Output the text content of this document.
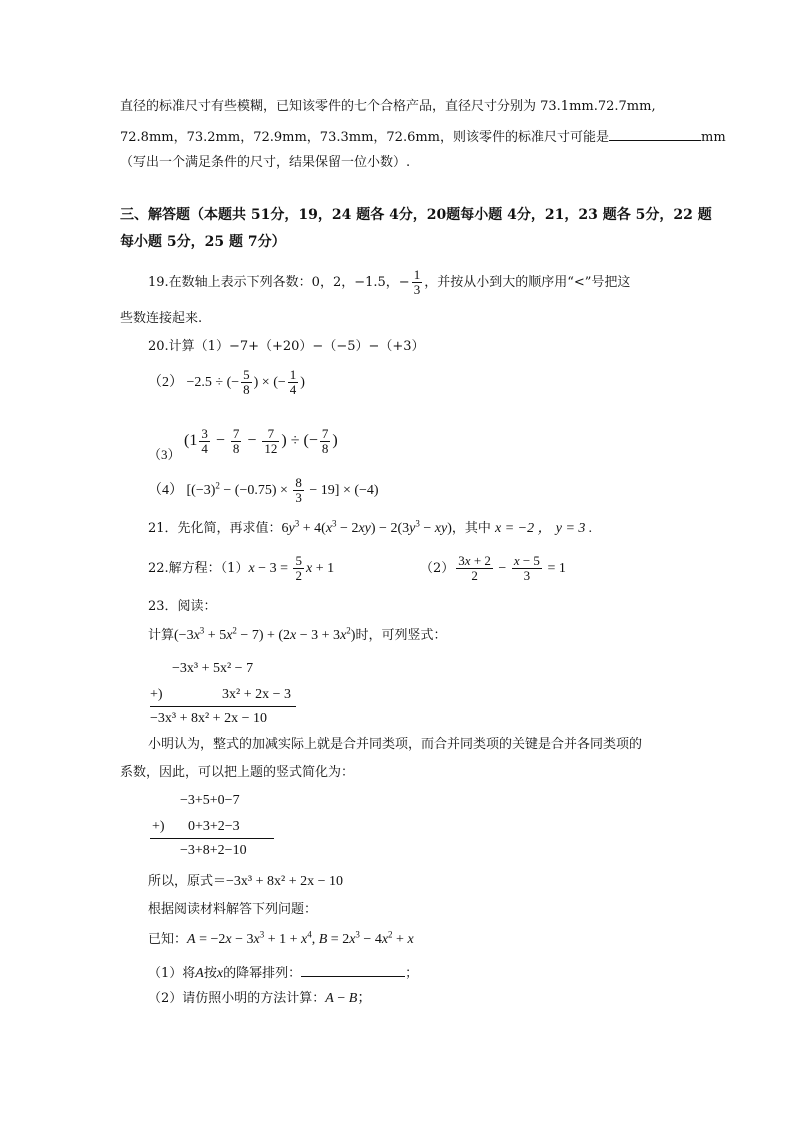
直径的标准尺寸有些模糊，已知该零件的七个合格产品，直径尺寸分别为 73.1mm.72.7mm,
72.8mm，73.2mm，72.9mm，73.3mm，72.6mm，则该零件的标准尺寸可能是	mm
（写出一个满足条件的尺寸，结果保留一位小数）.
三、解答题（本题共 51分，19，24 题各 4分，20题每小题 4分，21，23 题各 5分，22 题
每小题 5分，25 题 7分）
19.在数轴上表示下列各数：0，2，−1.5，− $\frac{1}{3}$ ，并按从小到大的顺序用“<”号把这
些数连接起来.
20.计算（1）−7+（+20）−（−5）−（+3）
（2） −2.5 ÷ (− $\frac{5}{8}$ ) × (− $\frac{1}{4}$ )
（3） ($1 \frac{3}{4} - \frac{7}{8} - \frac{7}{12}$ ) ÷ (− $\frac{7}{8}$ )
（4） $[(-3)^2 - (-0.75) \times \frac{8}{3} - 19] \times (-4)$
21．先化简，再求值：$6y^3 + 4(x^3 - 2xy) - 2(3y^3 - xy)$，其中 x = −2 ， y = 3 .
22.解方程：$(1)x - 3 = \frac{5}{2}$ x + 1	$(2) \frac{3x + 2}{2} - \frac{x - 5}{3} = 1$
23．阅读：
计算$(-3x^3 + 5x^2 - 7) + (2x - 3 + 3x^2)$时，可列竖式：
−3x³ + 5x² − 7
+)	3x² + 2x − 3
−3x³ + 8x² + 2x − 10
小明认为，整式的加减实际上就是合并同类项，而合并同类项的关键是合并各同类项的
系数，因此，可以把上题的竖式简化为：
−3+5+0−7
+) 0+3+2−3
−3+8+2−10
所以，原式＝−3x³ + 8x² + 2x − 10
根据阅读材料解答下列问题：
已知：$A = -2x - 3x^3 + 1 + x^4$, $B = 2x^3 - 4x^2 + x$
（1）将A按x的降幂排列：	；
（2）请仿照小明的方法计算：A − B；
